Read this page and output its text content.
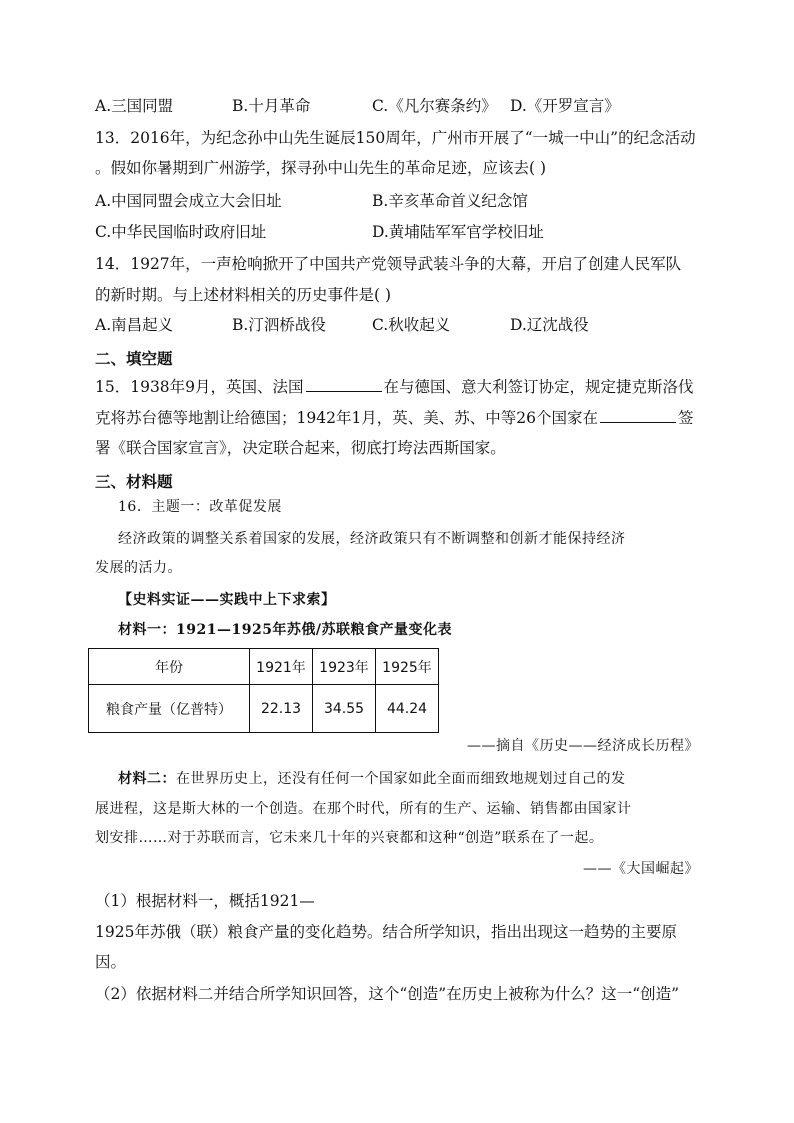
A.三国同盟	B.十月革命	C.《凡尔赛条约》 D.《开罗宣言》
13．2016年，为纪念孙中山先生诞辰150周年，广州市开展了“一城一中山”的纪念活动
。假如你暑期到广州游学，探寻孙中山先生的革命足迹，应该去( )
A.中国同盟会成立大会旧址	B.辛亥革命首义纪念馆
C.中华民国临时政府旧址	D.黄埔陆军军官学校旧址
14．1927年，一声枪响掀开了中国共产党领导武装斗争的大幕，开启了创建人民军队
的新时期。与上述材料相关的历史事件是( )
A.南昌起义	B.汀泗桥战役	C.秋收起义	D.辽沈战役
二、填空题
15．1938年9月，英国、法国	在与德国、意大利签订协定，规定捷克斯洛伐
克将苏台德等地割让给德国；1942年1月，英、美、苏、中等26个国家在	签
署《联合国家宣言》，决定联合起来，彻底打垮法西斯国家。
三、材料题
16．主题一：改革促发展
经济政策的调整关系着国家的发展，经济政策只有不断调整和创新才能保持经济
发展的活力。
【史料实证——实践中上下求索】
材料一：1921—1925年苏俄/苏联粮食产量变化表
年份	1921年	1923年	1925年
粮食产量（亿普特）	22.13	34.55	44.24
——摘自《历史——经济成长历程》
材料二：在世界历史上，还没有任何一个国家如此全面而细致地规划过自己的发
展进程，这是斯大林的一个创造。在那个时代，所有的生产、运输、销售都由国家计
划安排……对于苏联而言，它未来几十年的兴衰都和这种“创造”联系在了一起。
——《大国崛起》
（1）根据材料一，概括1921—
1925年苏俄（联）粮食产量的变化趋势。结合所学知识，指出出现这一趋势的主要原
因。
（2）依据材料二并结合所学知识回答，这个“创造”在历史上被称为什么？这一“创造”
